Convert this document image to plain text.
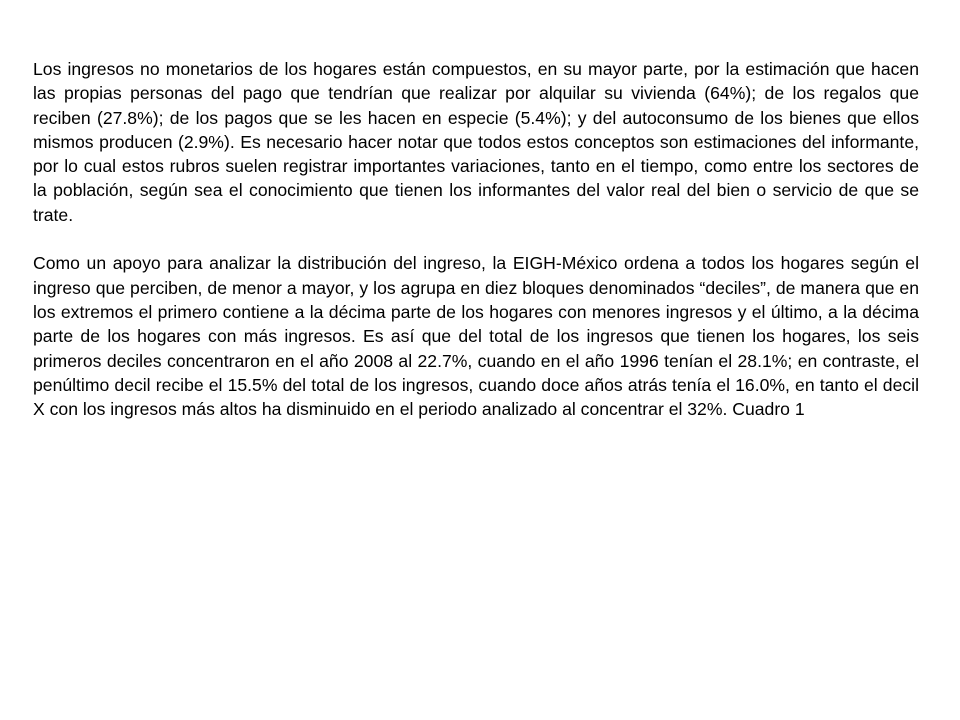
Los ingresos no monetarios de los hogares están compuestos, en su mayor parte, por la estimación que hacen las propias personas del pago que tendrían que realizar por alquilar su vivienda (64%); de los regalos que reciben (27.8%); de los pagos que se les hacen en especie (5.4%); y del autoconsumo de los bienes que ellos mismos producen (2.9%). Es necesario hacer notar que todos estos conceptos son estimaciones del informante, por lo cual estos rubros suelen registrar importantes variaciones, tanto en el tiempo, como entre los sectores de la población, según sea el conocimiento que tienen los informantes del valor real del bien o servicio de que se trate.

Como un apoyo para analizar la distribución del ingreso, la EIGH-México ordena a todos los hogares según el ingreso que perciben, de menor a mayor, y los agrupa en diez bloques denominados “deciles”, de manera que en los extremos el primero contiene a la décima parte de los hogares con menores ingresos y el último, a la décima parte de los hogares con más ingresos. Es así que del total de los ingresos que tienen los hogares, los seis primeros deciles concentraron en el año 2008 al 22.7%, cuando en el año 1996 tenían el 28.1%; en contraste, el penúltimo decil recibe el 15.5% del total de los ingresos, cuando doce años atrás tenía el 16.0%, en tanto el decil X con los ingresos más altos ha disminuido en el periodo analizado al concentrar el 32%. Cuadro 1
